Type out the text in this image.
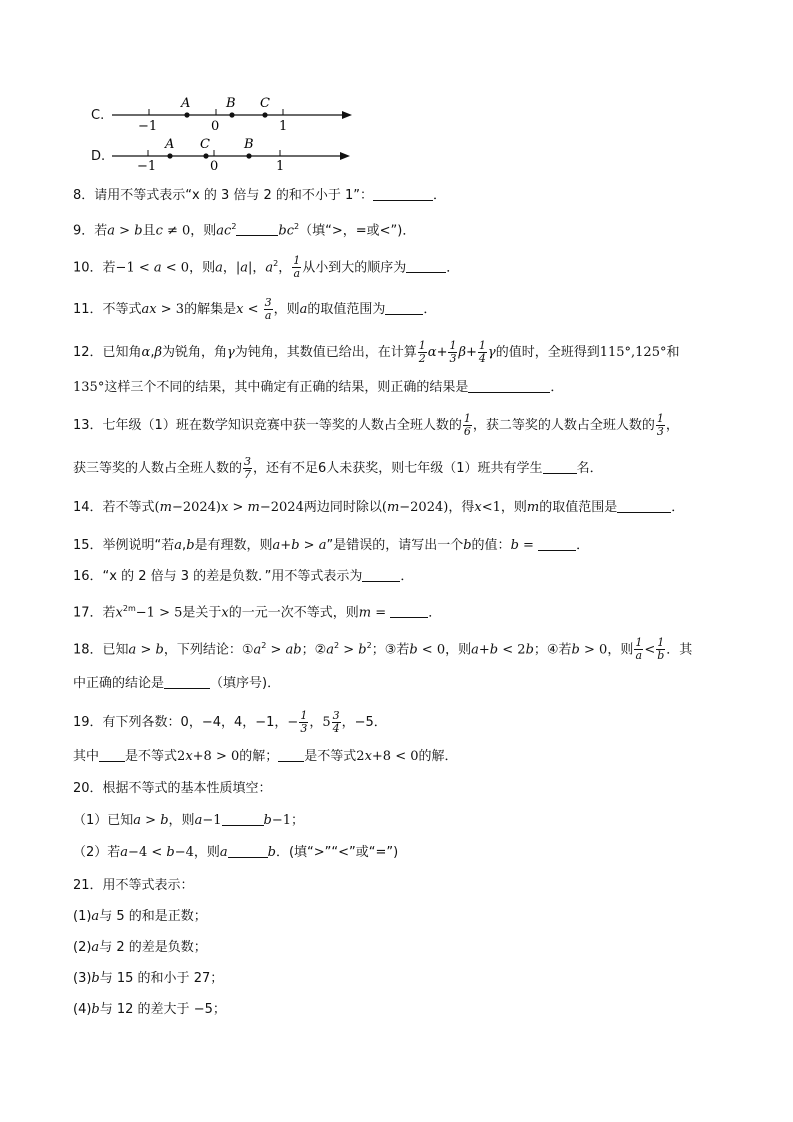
C.
A	B C
−1	0	1
D.
A C	B
−1	0	1
8．请用不等式表示“x 的 3 倍与 2 的和不小于 1”：	．
9．若a > b且c ≠ 0，则$ac^2$	$bc^2$（填“>，=或<”)．
10．若−1 < a < 0，则a，|a|，$a^2$， $\frac{1}{a}$ 从小到大的顺序为	．
11．不等式ax > 3的解集是$x < \frac{3}{a}$ ，则a的取值范围为	．
12．已知角α,β为锐角，角γ为钝角，其数值已给出，在计算 $\frac{1}{2} \alpha+ \frac{1}{3} \beta+ \frac{1}{4}$ γ的值时，全班得到115°,125°和
135°这样三个不同的结果，其中确定有正确的结果，则正确的结果是	．
13．七年级（1）班在数学知识竞赛中获一等奖的人数占全班人数的 $\frac{1}{6}$ ，获二等奖的人数占全班人数的 $\frac{1}{3}$ ，
获三等奖的人数占全班人数的 $\frac{3}{7}$ ，还有不足6人未获奖，则七年级（1）班共有学生	名．
14．若不等式(m−2024)x > m−2024两边同时除以(m−2024)，得x<1，则m的取值范围是	．
15．举例说明“若a,b是有理数，则a+b > a”是错误的，请写出一个b的值：b =	．
16．“x 的 2 倍与 3 的差是负数．”用不等式表示为	．
17．若$x^{2m}-1 > 5$是关于x的一元一次不等式，则m =	．
18．已知a > b，下列结论：$①a^2$ > ab；$②a^2 > b^2$；③若b < 0，则a+b < 2b；④若b > 0，则 $\frac{1}{a} < \frac{1}{b}$ ．其
中正确的结论是	（填序号)．
19．有下列各数：0，−4，4，−1，− $\frac{1}{3}$ ，$5 \frac{3}{4}$ ，−5．
其中 是不等式2x+8 > 0的解； 是不等式2x+8 < 0的解．
20．根据不等式的基本性质填空：
（1）已知a > b，则a−1	b−1；
（2）若a−4 < b−4，则a	b．(填“>”“<”或“=”)
21．用不等式表示：
(1)a与 5 的和是正数；
(2)a与 2 的差是负数；
(3)b与 15 的和小于 27；
(4)b与 12 的差大于 −5；
